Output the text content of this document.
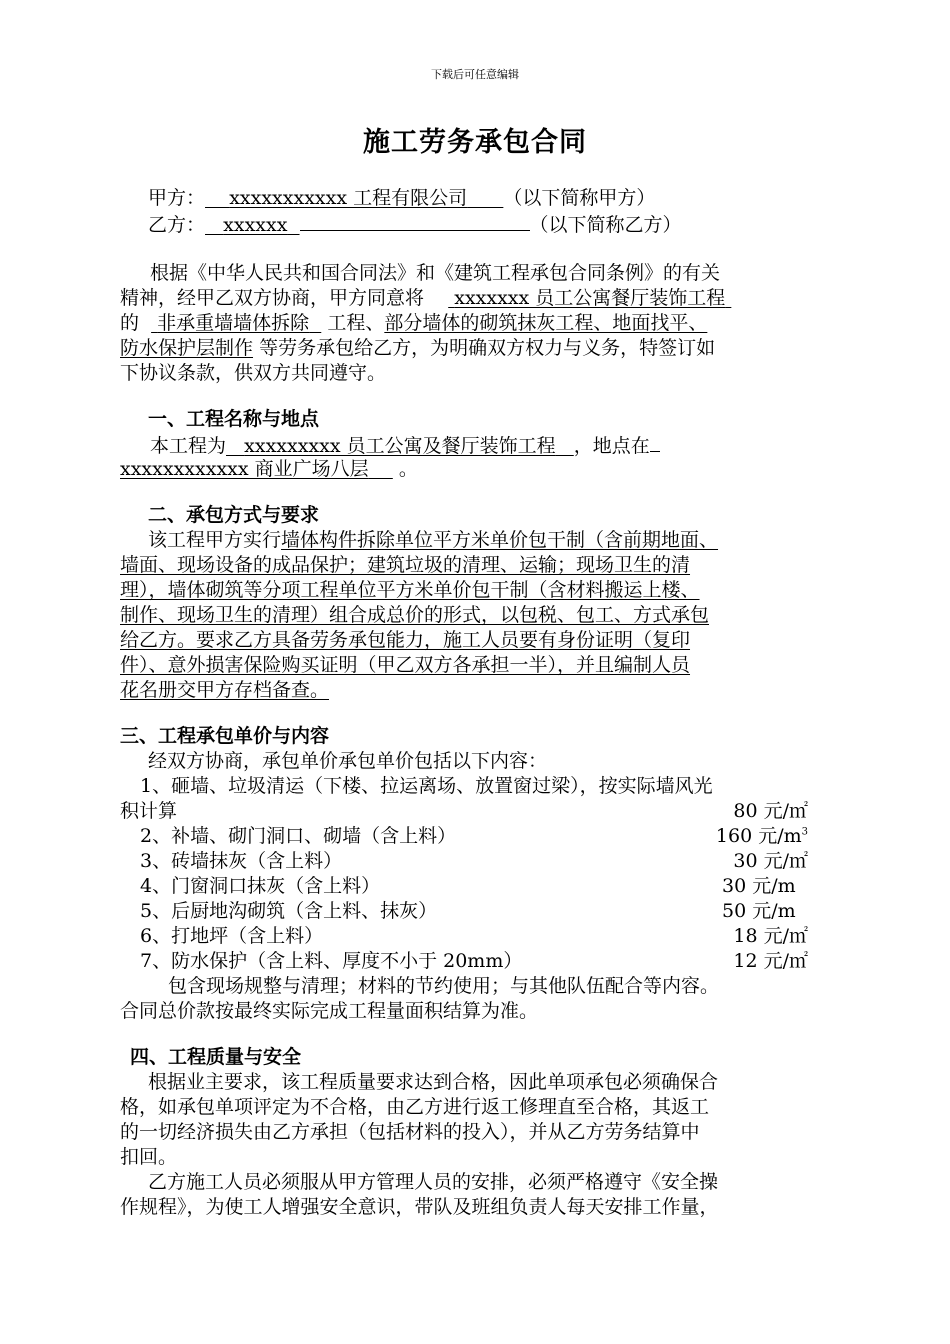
下载后可任意编辑
施工劳务承包合同
甲方： xxxxxxxxxxx 工程有限公司 （以下简称甲方）
乙方： xxxxxx	（以下简称乙方）
根据《中华人民共和国合同法》和《建筑工程承包合同条例》的有关
精神，经甲乙双方协商，甲方同意将 xxxxxxx 员工公寓餐厅装饰工程
的 非承重墙墙体拆除 工程、部分墙体的砌筑抹灰工程、地面找平、
防水保护层制作 等劳务承包给乙方，为明确双方权力与义务，特签订如
下协议条款，供双方共同遵守。
一、工程名称与地点
本工程为 xxxxxxxxx 员工公寓及餐厅装饰工程 ，地点在
xxxxxxxxxxxx 商业广场八层 。
二、承包方式与要求
该工程甲方实行墙体构件拆除单位平方米单价包干制（含前期地面、
墙面、现场设备的成品保护；建筑垃圾的清理、运输；现场卫生的清
理），墙体砌筑等分项工程单位平方米单价包干制（含材料搬运上楼、
制作、现场卫生的清理）组合成总价的形式，以包税、包工、方式承包
给乙方。要求乙方具备劳务承包能力，施工人员要有身份证明（复印
件）、意外损害保险购买证明（甲乙双方各承担一半），并且编制人员
花名册交甲方存档备查。
三、工程承包单价与内容
经双方协商，承包单价承包单价包括以下内容：
1、砸墙、垃圾清运（下楼、拉运离场、放置窗过梁），按实际墙风光
积计算	80 元/㎡
2、补墙、砌门洞口、砌墙（含上料）	160 元$/m^3$
3、砖墙抹灰（含上料）	30 元/㎡
4、门窗洞口抹灰（含上料）	30 元/m
5、后厨地沟砌筑（含上料、抹灰）	50 元/m
6、打地坪（含上料）	18 元/㎡
7、防水保护（含上料、厚度不小于 20mm）	12 元/㎡
包含现场规整与清理；材料的节约使用；与其他队伍配合等内容。
合同总价款按最终实际完成工程量面积结算为准。
四、工程质量与安全
根据业主要求，该工程质量要求达到合格，因此单项承包必须确保合
格，如承包单项评定为不合格，由乙方进行返工修理直至合格，其返工
的一切经济损失由乙方承担（包括材料的投入），并从乙方劳务结算中
扣回。
乙方施工人员必须服从甲方管理人员的安排，必须严格遵守《安全操
作规程》，为使工人增强安全意识，带队及班组负责人每天安排工作量，
